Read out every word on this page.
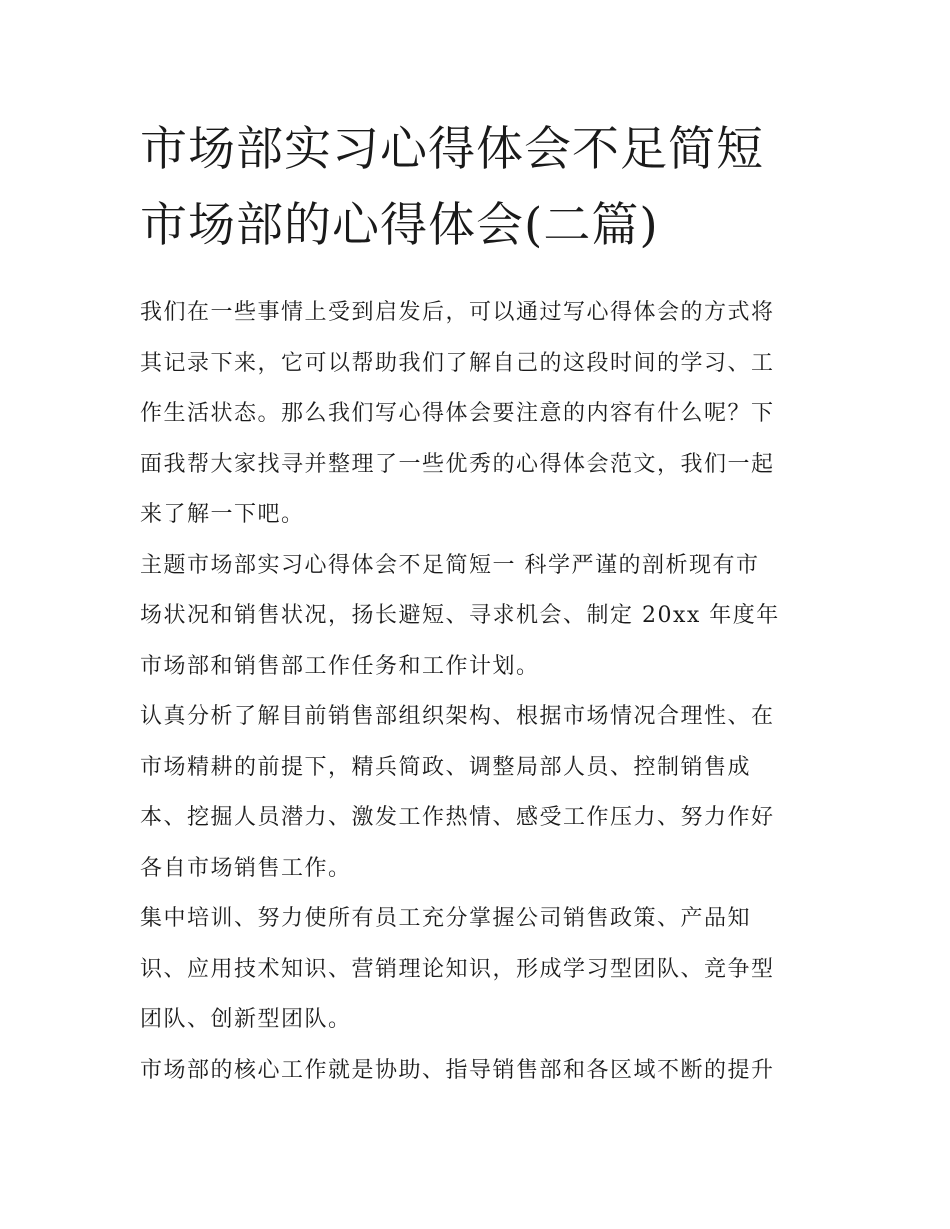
市场部实习心得体会不足简短
市场部的心得体会(二篇)
我们在一些事情上受到启发后，可以通过写心得体会的方式将
其记录下来，它可以帮助我们了解自己的这段时间的学习、工
作生活状态。那么我们写心得体会要注意的内容有什么呢？下
面我帮大家找寻并整理了一些优秀的心得体会范文，我们一起
来了解一下吧。
主题市场部实习心得体会不足简短一 科学严谨的剖析现有市
场状况和销售状况，扬长避短、寻求机会、制定 20xx 年度年
市场部和销售部工作任务和工作计划。
认真分析了解目前销售部组织架构、根据市场情况合理性、在
市场精耕的前提下，精兵简政、调整局部人员、控制销售成
本、挖掘人员潜力、激发工作热情、感受工作压力、努力作好
各自市场销售工作。
集中培训、努力使所有员工充分掌握公司销售政策、产品知
识、应用技术知识、营销理论知识，形成学习型团队、竞争型
团队、创新型团队。
市场部的核心工作就是协助、指导销售部和各区域不断的提升
